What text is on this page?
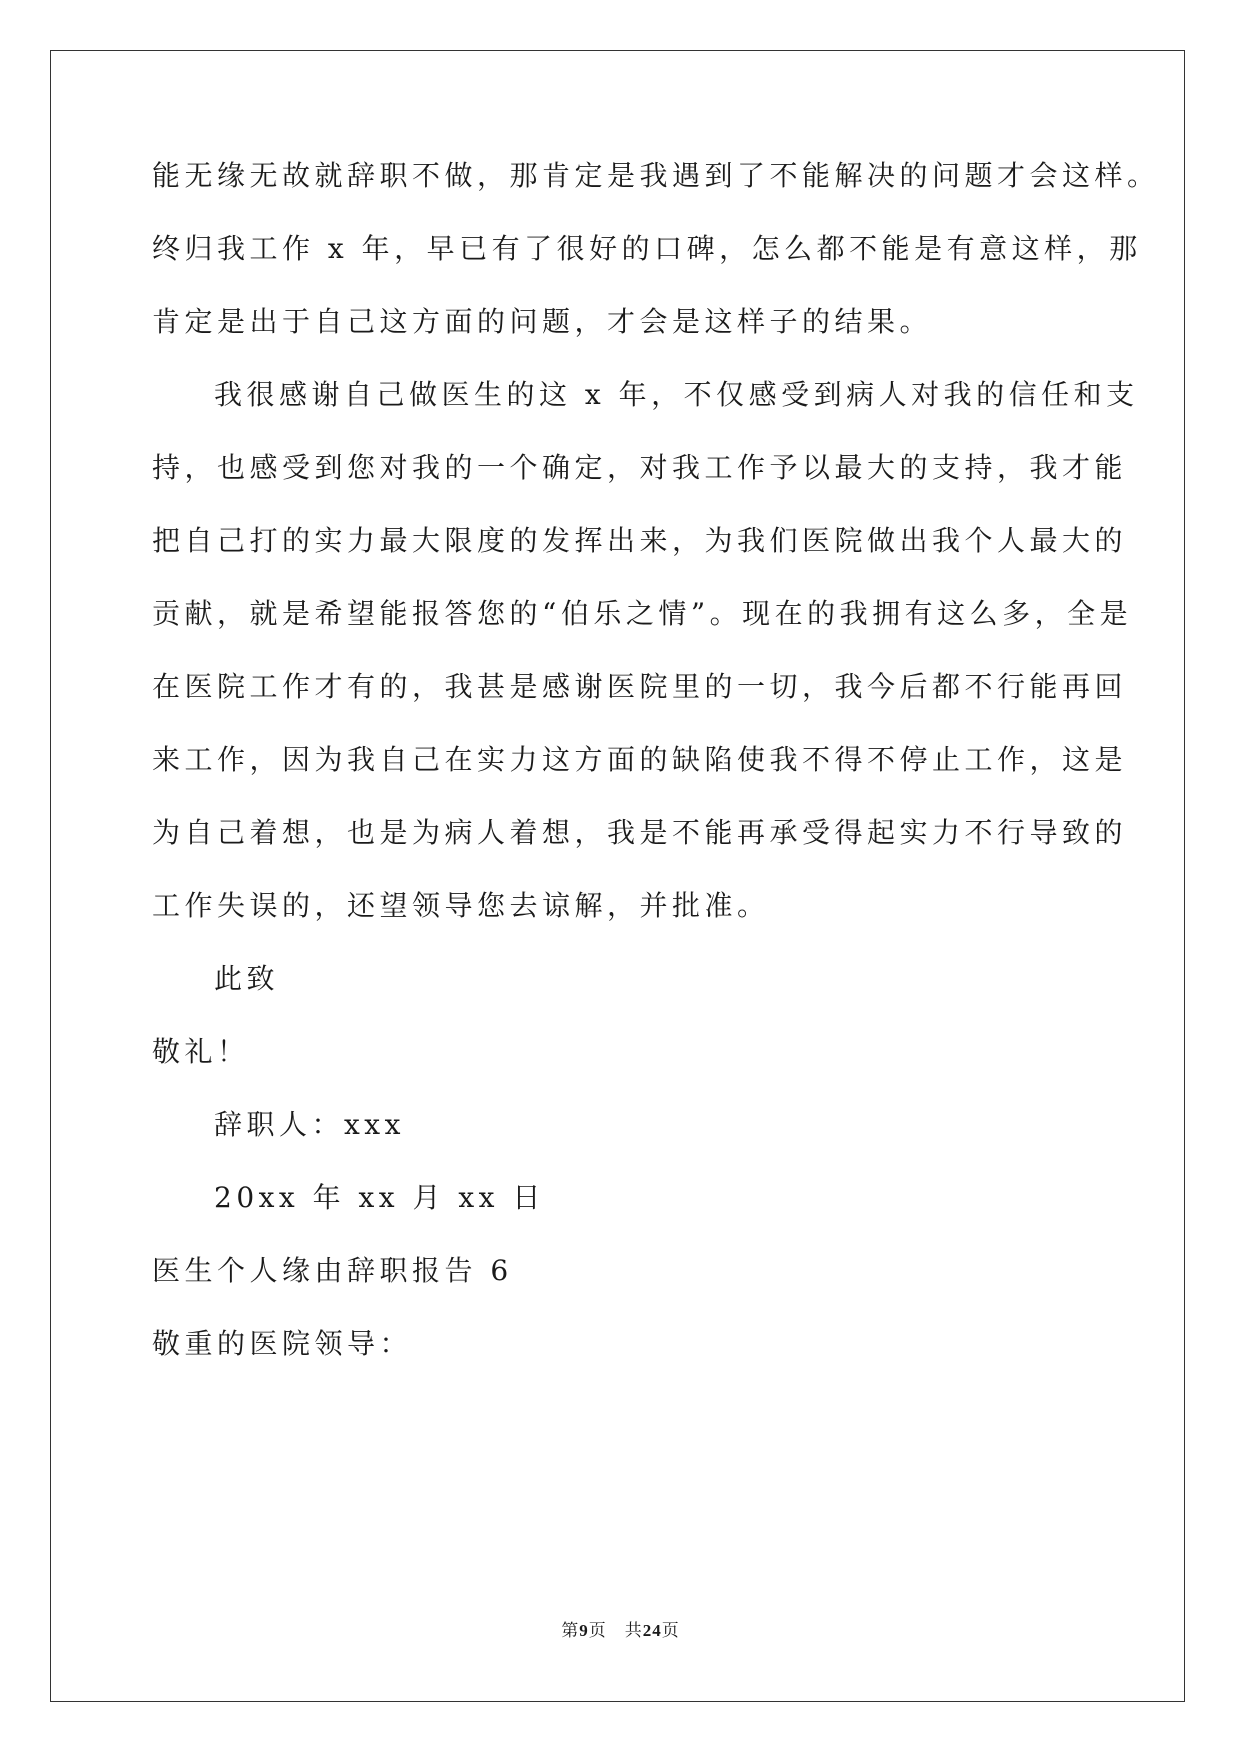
能无缘无故就辞职不做，那肯定是我遇到了不能解决的问题才会这样。
终归我工作 x 年，早已有了很好的口碑，怎么都不能是有意这样，那
肯定是出于自己这方面的问题，才会是这样子的结果。
我很感谢自己做医生的这 x 年，不仅感受到病人对我的信任和支
持，也感受到您对我的一个确定，对我工作予以最大的支持，我才能
把自己打的实力最大限度的发挥出来，为我们医院做出我个人最大的
贡献，就是希望能报答您的“伯乐之情”。现在的我拥有这么多，全是
在医院工作才有的，我甚是感谢医院里的一切，我今后都不行能再回
来工作，因为我自己在实力这方面的缺陷使我不得不停止工作，这是
为自己着想，也是为病人着想，我是不能再承受得起实力不行导致的
工作失误的，还望领导您去谅解，并批准。
此致
敬礼！
辞职人：xxx
20xx 年 xx 月 xx 日
医生个人缘由辞职报告 6
敬重的医院领导：
第9页　共24页
